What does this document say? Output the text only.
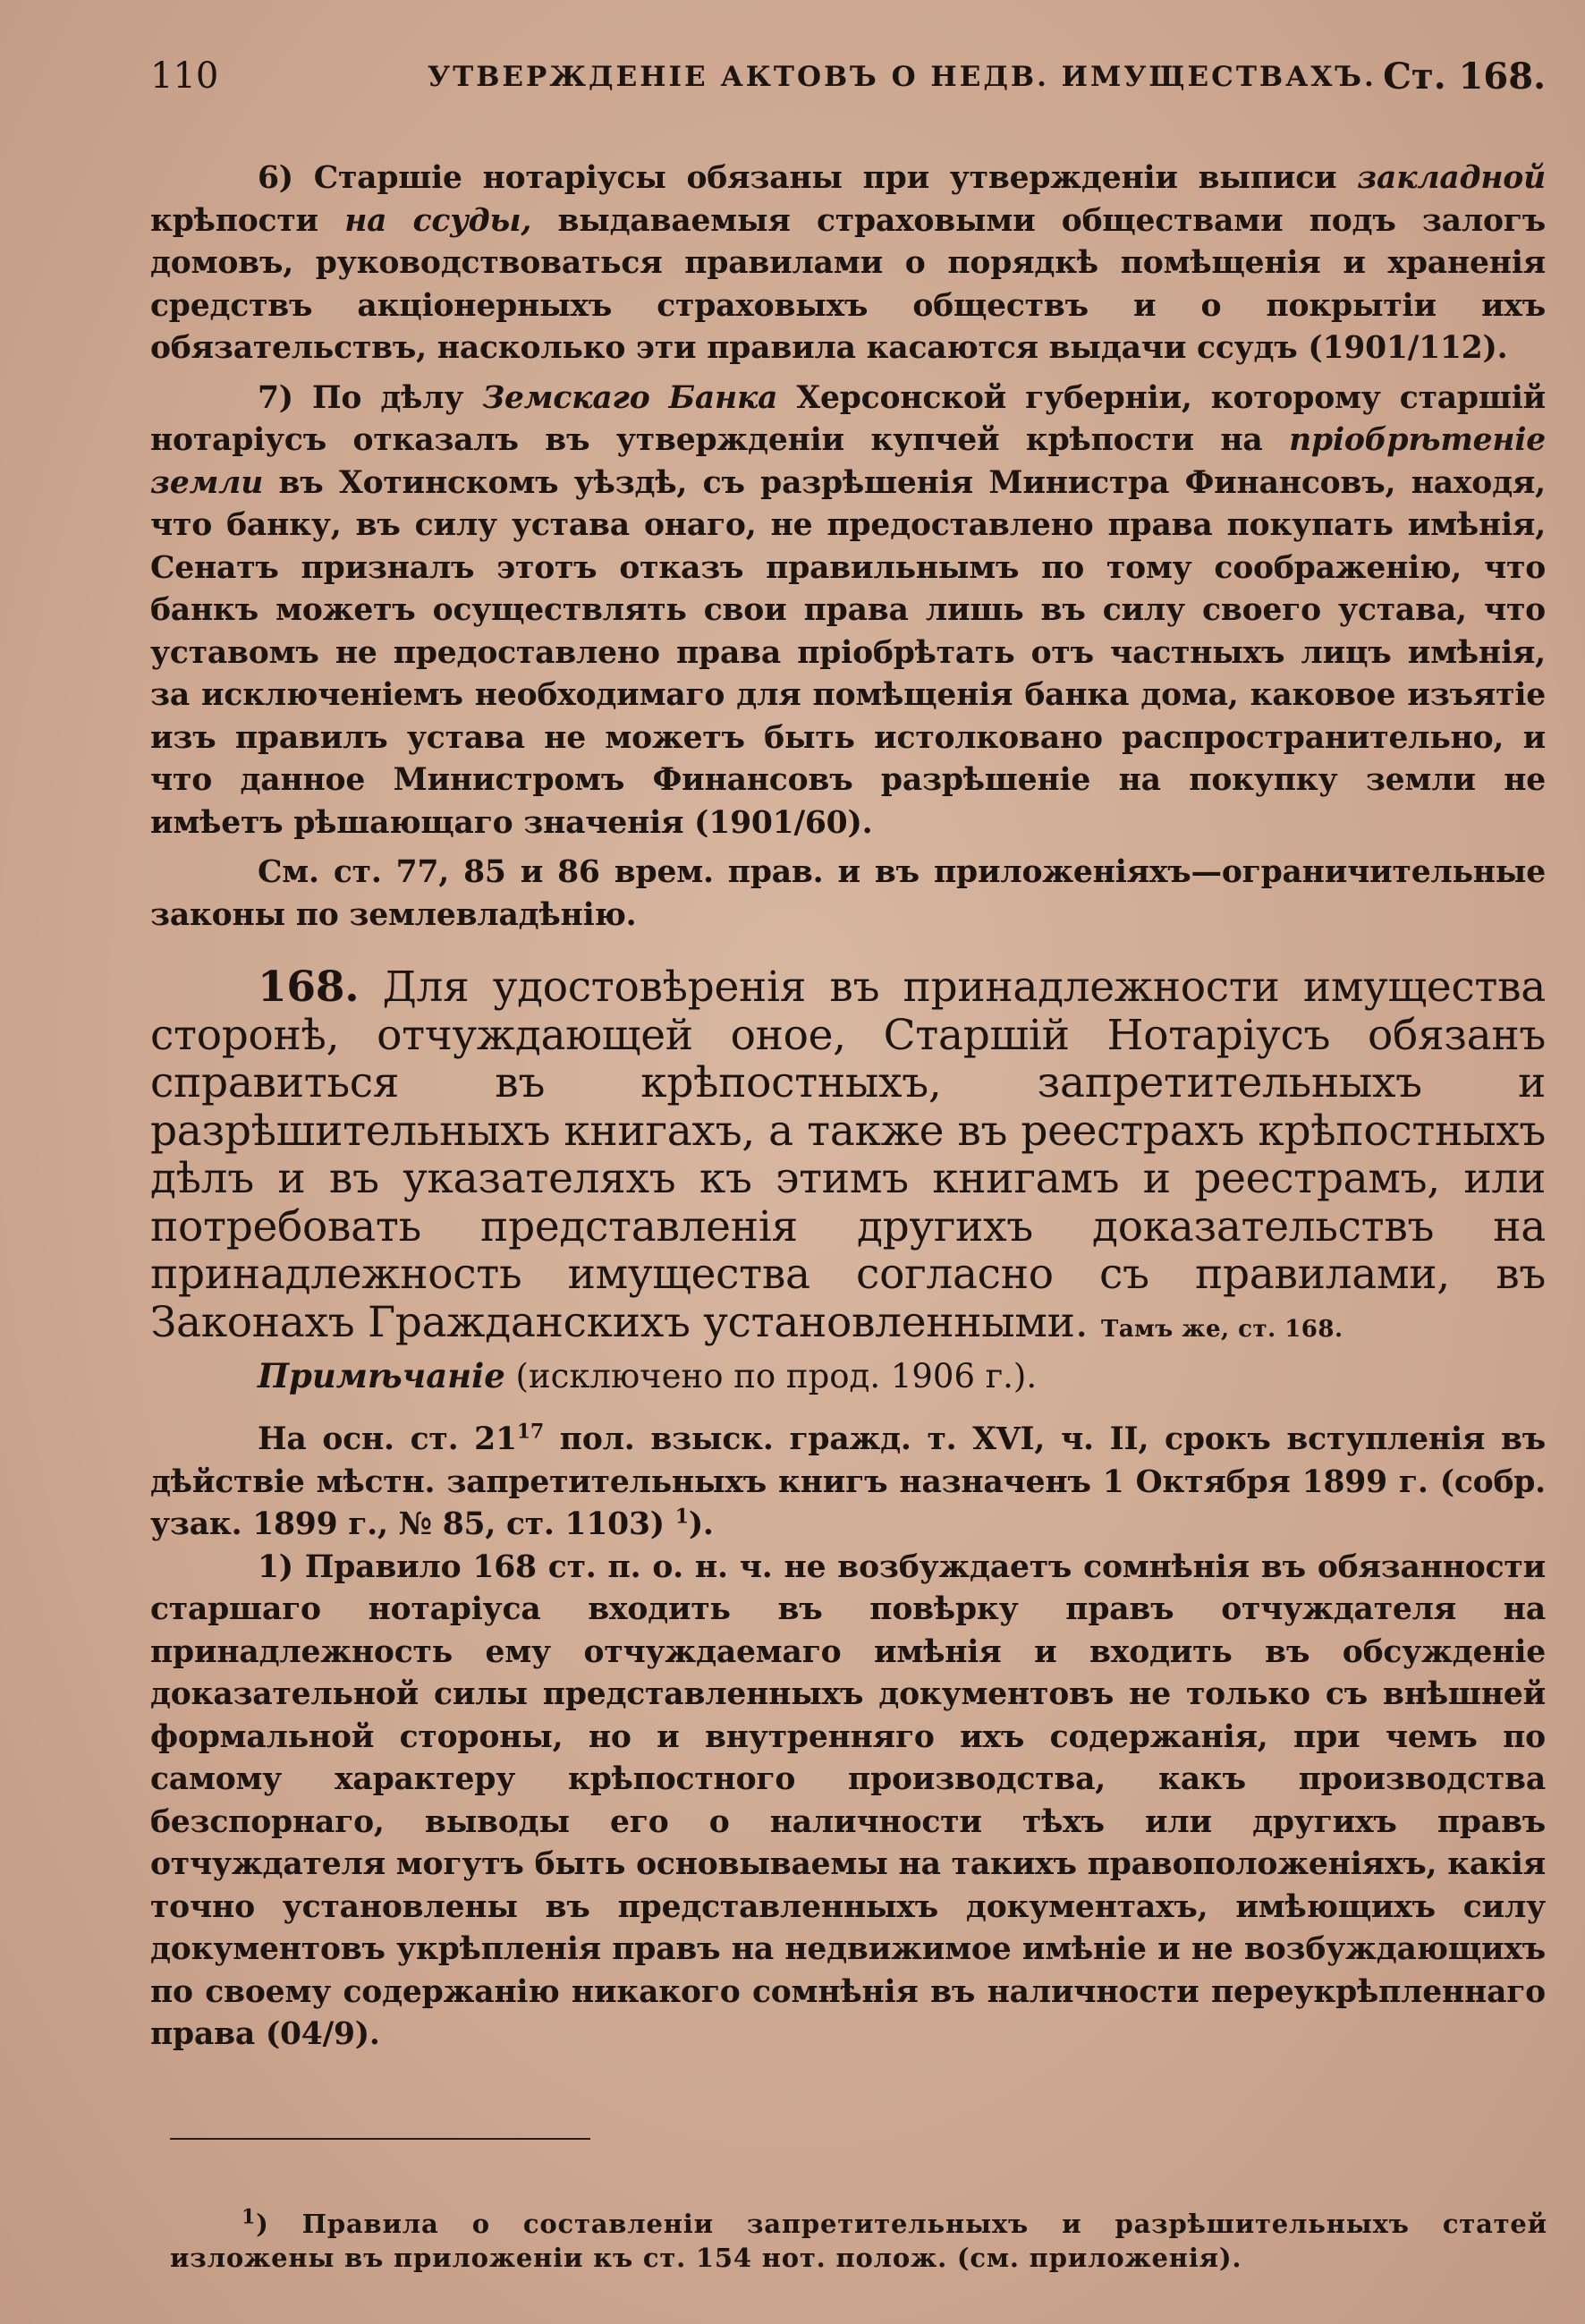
110	УТВЕРЖДЕНІЕ АКТОВЪ О НЕДВ. ИМУЩЕСТВАХЪ. Ст. 168.

6) Старшіе нотаріусы обязаны при утвержденіи выписи закладной крѣпости на ссуды, выдаваемыя страховыми обществами подъ залогъ домовъ, руководствоваться правилами о порядкѣ помѣщенія и храненія средствъ акціонерныхъ страховыхъ обществъ и о покрытіи ихъ обязательствъ, насколько эти правила касаются выдачи ссудъ (1901/112).

7) По дѣлу Земскаго Банка Херсонской губерніи, которому старшій нотаріусъ отказалъ въ утвержденіи купчей крѣпости на пріобрѣтеніе земли въ Хотинскомъ уѣздѣ, съ разрѣшенія Министра Финансовъ, находя, что банку, въ силу устава онаго, не предоставлено права покупать имѣнія, Сенатъ призналъ этотъ отказъ правильнымъ по тому соображенію, что банкъ можетъ осуществлять свои права лишь въ силу своего устава, что уставомъ не предоставлено права пріобрѣтать отъ частныхъ лицъ имѣнія, за исключеніемъ необходимаго для помѣщенія банка дома, каковое изъятіе изъ правилъ устава не можетъ быть истолковано распространительно, и что данное Министромъ Финансовъ разрѣшеніе на покупку земли не имѣетъ рѣшающаго значенія (1901/60).

См. ст. 77, 85 и 86 врем. прав. и въ приложеніяхъ—ограничительные законы по землевладѣнію.

168. Для удостовѣренія въ принадлежности имущества сторонѣ, отчуждающей оное, Старшій Нотаріусъ обязанъ справиться въ крѣпостныхъ, запретительныхъ и разрѣшительныхъ книгахъ, а также въ реестрахъ крѣпостныхъ дѣлъ и въ указателяхъ къ этимъ книгамъ и реестрамъ, или потребовать представленія другихъ доказательствъ на принадлежность имущества согласно съ правилами, въ Законахъ Гражданскихъ установленными. Тамъ же, ст. 168.

Примѣчаніе (исключено по прод. 1906 г.).

На осн. ст. $21^{17}$ пол. взыск. гражд. т. XVI, ч. II, срокъ вступленія въ дѣйствіе мѣстн. запретительныхъ книгъ назначенъ 1 Октября 1899 г. (собр. узак. 1899 г., № 85, ст. 1103) $^1$).

1) Правило 168 ст. п. о. н. ч. не возбуждаетъ сомнѣнія въ обязанности старшаго нотаріуса входить въ повѣрку правъ отчуждателя на принадлежность ему отчуждаемаго имѣнія и входить въ обсужденіе доказательной силы представленныхъ документовъ не только съ внѣшней формальной стороны, но и внутренняго ихъ содержанія, при чемъ по самому характеру крѣпостного производства, какъ производства безспорнаго, выводы его о наличности тѣхъ или другихъ правъ отчуждателя могутъ быть основываемы на такихъ правоположеніяхъ, какія точно установлены въ представленныхъ документахъ, имѣющихъ силу документовъ укрѣпленія правъ на недвижимое имѣніе и не возбуждающихъ по своему содержанію никакого сомнѣнія въ наличности переукрѣпленнаго права (04/9).

$^1$) Правила о составленіи запретительныхъ и разрѣшительныхъ статей изложены въ приложеніи къ ст. 154 нот. полож. (см. приложенія).
